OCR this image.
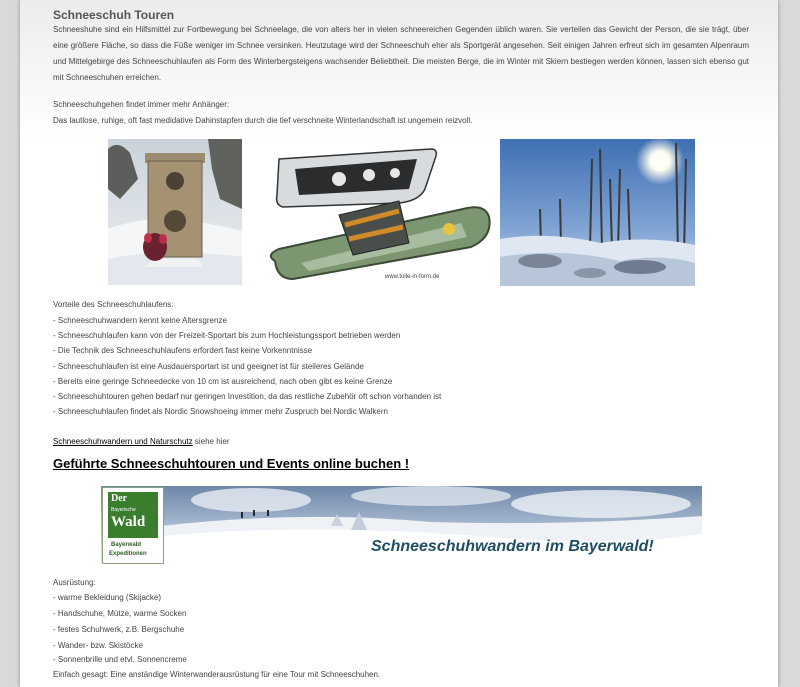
Schneeschuh Touren

Schneeshuhe sind ein Hilfsmittel zur Fortbewegung bei Schneelage, die von alters her in vielen schneereichen Gegenden üblich waren. Sie verteilen das Gewicht der Person, die sie trägt, über eine größere Fläche, so dass die Füße weniger im Schnee versinken. Heutzutage wird der Schneeschuh eher als Sportgerät angesehen. Seit einigen Jahren erfreut sich im gesamten Alpenraum und Mittelgebirge des Schneeschuhlaufen als Form des Winterbergsteigens wachsender Beliebtheit. Die meisten Berge, die im Winter mit Skiern bestiegen werden können, lassen sich ebenso gut mit Schneeschuhen erreichen.

Schneeschuhgehen findet immer mehr Anhänger:
Das lautlose, ruhige, oft fast medidative Dahinstapfen durch die tief verschneite Winterlandschaft ist ungemein reizvoll.
www.tolle-in-form.de
Vorteile des Schneeschuhlaufens:
- Schneeschuhwandern kennt keine Altersgrenze
- Schneeschuhlaufen kann von der Freizeit-Sportart bis zum Hochleistungssport betrieben werden
- Die Technik des Schneeschuhlaufens erfordert fast keine Vorkenntnisse
- Schneeschuhlaufen ist eine Ausdauersportart ist und geeignet ist für steileres Gelände
- Bereits eine geringe Schneedecke von 10 cm ist ausreichend, nach oben gibt es keine Grenze
- Schneeschuhtouren gehen bedarf nur geringen Investition, da das restliche Zubehör oft schon vorhanden ist
- Schneeschuhlaufen findet als Nordic Snowshoeing immer mehr Zuspruch bei Nordic Walkern
Schneeschuhwandern und Naturschutz siehe hier
Geführte Schneeschuhtouren und Events online buchen !
Der
Bayerische
Wald
Bayerwald
Expeditionen	Schneeschuhwandern im Bayerwald!
Ausrüstung:
- warme Bekleidung (Skijacke)
- Handschuhe, Mütze, warme Socken
- festes Schuhwerk, z.B. Bergschuhe
- Wander- bzw. Skistöcke
- Sonnenbrille und etvl. Sonnencreme
Einfach gesagt: Eine anständige Winterwanderausrüstung für eine Tour mit Schneeschuhen.
